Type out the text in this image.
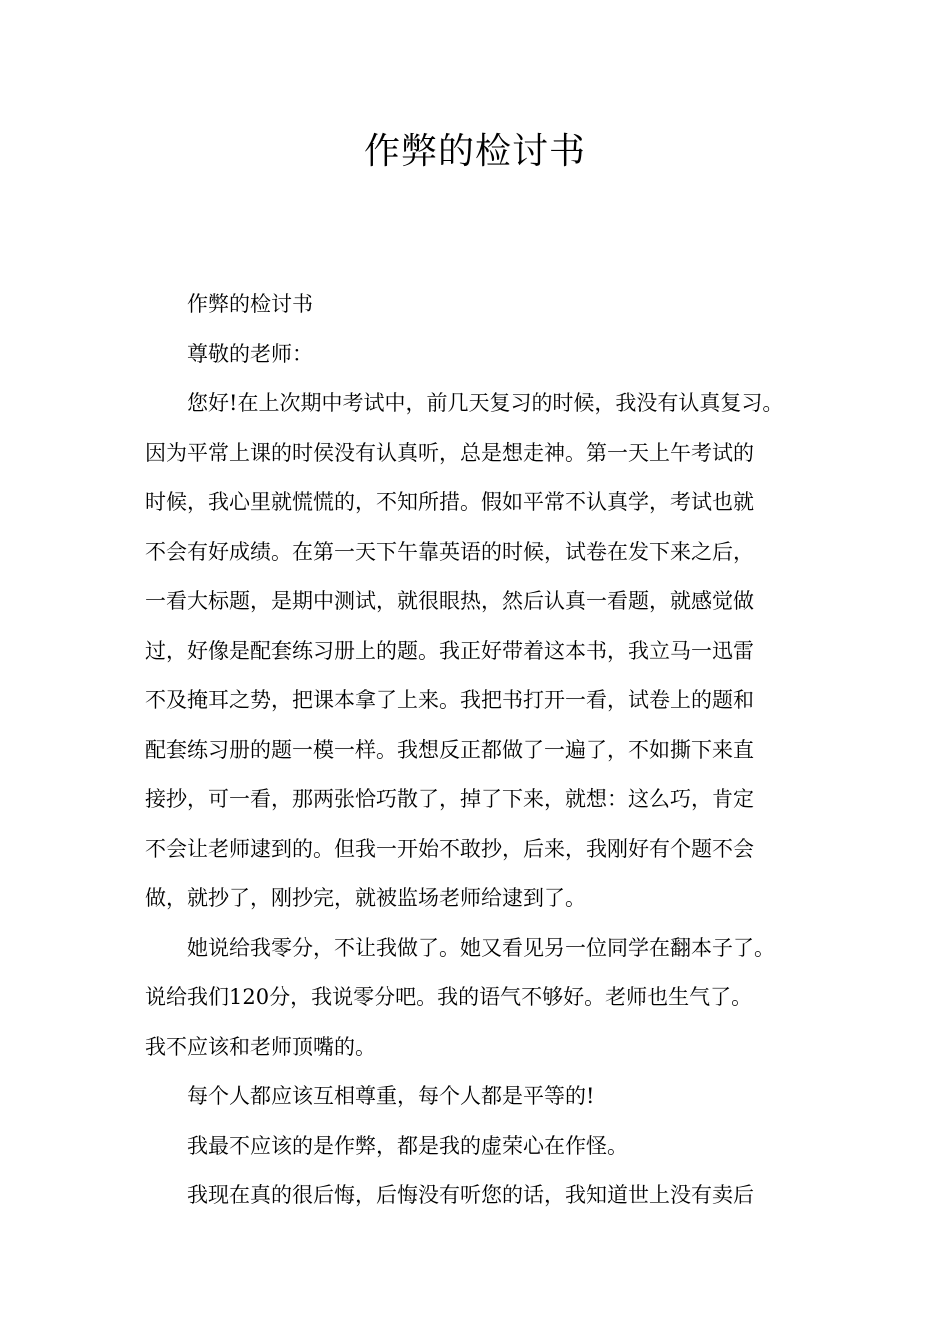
作弊的检讨书

作弊的检讨书

尊敬的老师：

您好!在上次期中考试中，前几天复习的时候，我没有认真复习。
因为平常上课的时侯没有认真听，总是想走神。第一天上午考试的
时候，我心里就慌慌的，不知所措。假如平常不认真学，考试也就
不会有好成绩。在第一天下午靠英语的时候，试卷在发下来之后，
一看大标题，是期中测试，就很眼热，然后认真一看题，就感觉做
过，好像是配套练习册上的题。我正好带着这本书，我立马一迅雷
不及掩耳之势，把课本拿了上来。我把书打开一看，试卷上的题和
配套练习册的题一模一样。我想反正都做了一遍了，不如撕下来直
接抄，可一看，那两张恰巧散了，掉了下来，就想：这么巧，肯定
不会让老师逮到的。但我一开始不敢抄，后来，我刚好有个题不会
做，就抄了，刚抄完，就被监场老师给逮到了。

她说给我零分，不让我做了。她又看见另一位同学在翻本子了。
说给我们120分，我说零分吧。我的语气不够好。老师也生气了。
我不应该和老师顶嘴的。

每个人都应该互相尊重，每个人都是平等的!

我最不应该的是作弊，都是我的虚荣心在作怪。

我现在真的很后悔，后悔没有听您的话，我知道世上没有卖后
